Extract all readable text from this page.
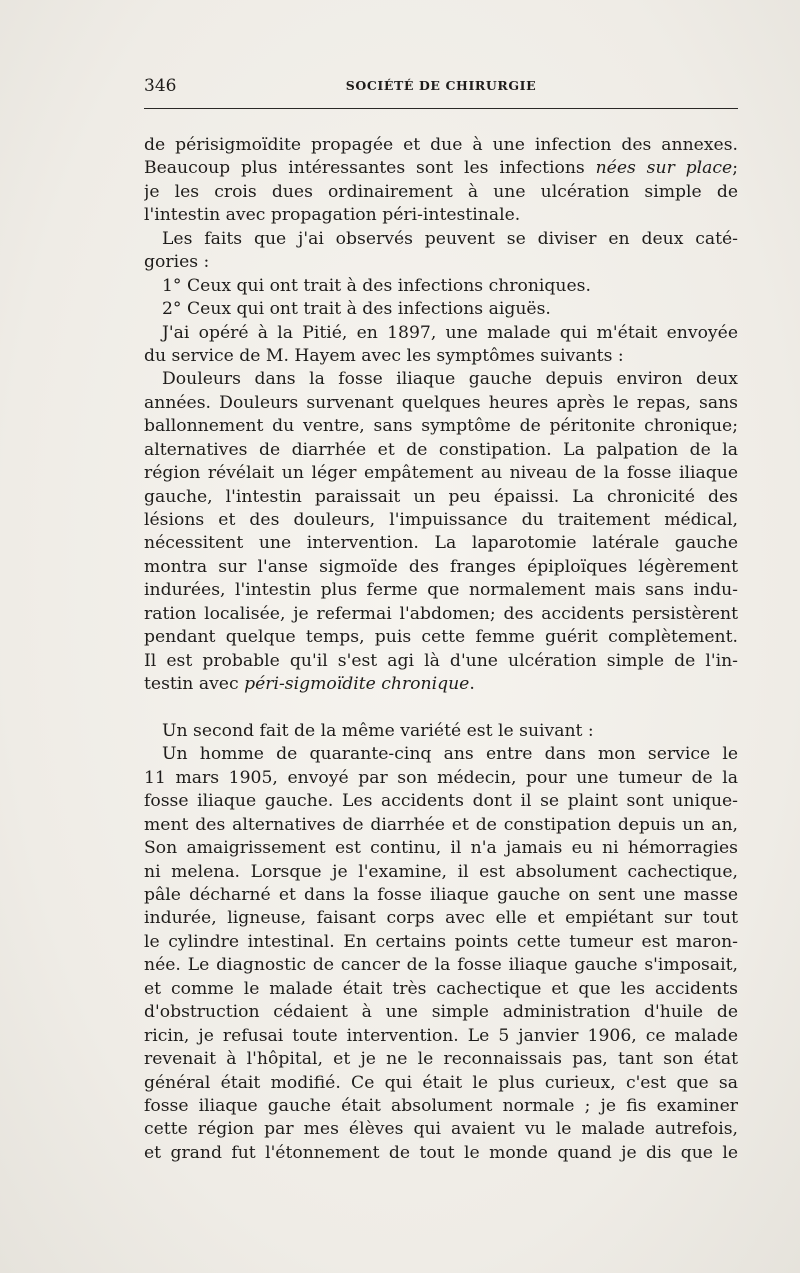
346	SOCIÉTÉ DE CHIRURGIE
de périsigmoïdite propagée et due à une infection des annexes.
Beaucoup plus intéressantes sont les infections nées sur place;
je les crois dues ordinairement à une ulcération simple de
l'intestin avec propagation péri-intestinale.
Les faits que j'ai observés peuvent se diviser en deux caté-
gories :
1° Ceux qui ont trait à des infections chroniques.
2° Ceux qui ont trait à des infections aiguës.
J'ai opéré à la Pitié, en 1897, une malade qui m'était envoyée
du service de M. Hayem avec les symptômes suivants :
Douleurs dans la fosse iliaque gauche depuis environ deux
années. Douleurs survenant quelques heures après le repas, sans
ballonnement du ventre, sans symptôme de péritonite chronique;
alternatives de diarrhée et de constipation. La palpation de la
région révélait un léger empâtement au niveau de la fosse iliaque
gauche, l'intestin paraissait un peu épaissi. La chronicité des
lésions et des douleurs, l'impuissance du traitement médical,
nécessitent une intervention. La laparotomie latérale gauche
montra sur l'anse sigmoïde des franges épiploïques légèrement
indurées, l'intestin plus ferme que normalement mais sans indu-
ration localisée, je refermai l'abdomen; des accidents persistèrent
pendant quelque temps, puis cette femme guérit complètement.
Il est probable qu'il s'est agi là d'une ulcération simple de l'in-
testin avec péri-sigmoïdite chronique.
Un second fait de la même variété est le suivant :
Un homme de quarante-cinq ans entre dans mon service le
11 mars 1905, envoyé par son médecin, pour une tumeur de la
fosse iliaque gauche. Les accidents dont il se plaint sont unique-
ment des alternatives de diarrhée et de constipation depuis un an,
Son amaigrissement est continu, il n'a jamais eu ni hémorragies
ni melena. Lorsque je l'examine, il est absolument cachectique,
pâle décharné et dans la fosse iliaque gauche on sent une masse
indurée, ligneuse, faisant corps avec elle et empiétant sur tout
le cylindre intestinal. En certains points cette tumeur est maron-
née. Le diagnostic de cancer de la fosse iliaque gauche s'imposait,
et comme le malade était très cachectique et que les accidents
d'obstruction cédaient à une simple administration d'huile de
ricin, je refusai toute intervention. Le 5 janvier 1906, ce malade
revenait à l'hôpital, et je ne le reconnaissais pas, tant son état
général était modifié. Ce qui était le plus curieux, c'est que sa
fosse iliaque gauche était absolument normale ; je fis examiner
cette région par mes élèves qui avaient vu le malade autrefois,
et grand fut l'étonnement de tout le monde quand je dis que le
